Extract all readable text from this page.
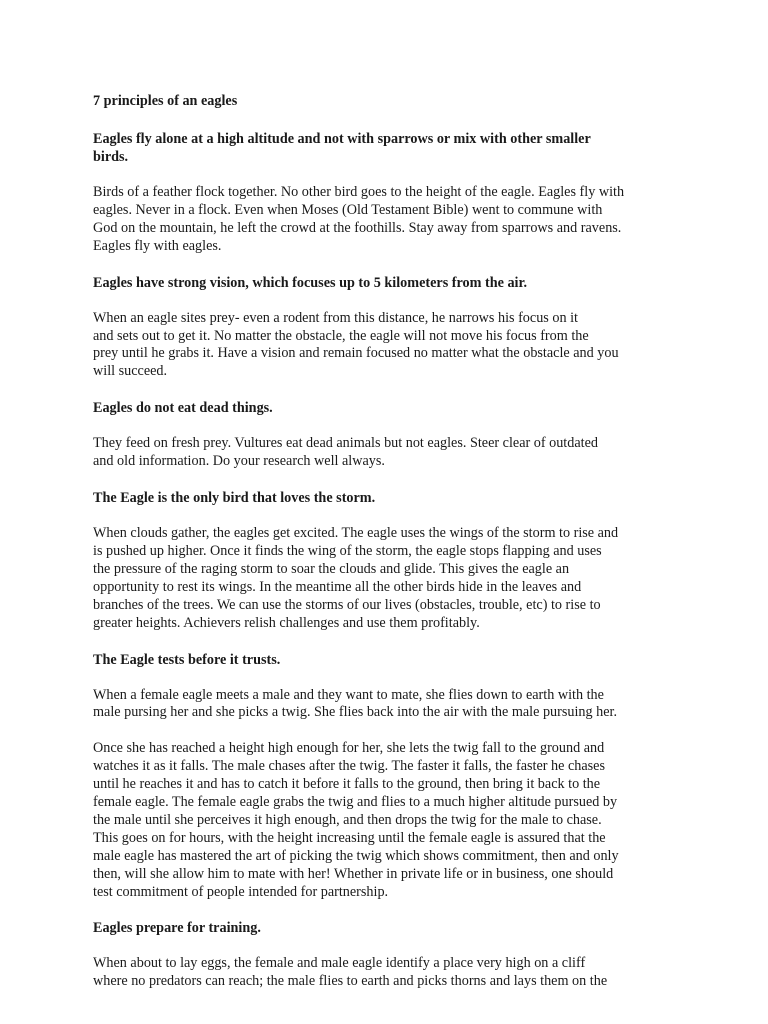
7 principles of an eagles

Eagles fly alone at a high altitude and not with sparrows or mix with other smaller
birds.

Birds of a feather flock together. No other bird goes to the height of the eagle. Eagles fly with
eagles. Never in a flock. Even when Moses (Old Testament Bible) went to commune with
God on the mountain, he left the crowd at the foothills. Stay away from sparrows and ravens.
Eagles fly with eagles.

Eagles have strong vision, which focuses up to 5 kilometers from the air.

When an eagle sites prey- even a rodent from this distance, he narrows his focus on it
and sets out to get it. No matter the obstacle, the eagle will not move his focus from the
prey until he grabs it. Have a vision and remain focused no matter what the obstacle and you
will succeed.

Eagles do not eat dead things.

They feed on fresh prey. Vultures eat dead animals but not eagles. Steer clear of outdated
and old information. Do your research well always.

The Eagle is the only bird that loves the storm.

When clouds gather, the eagles get excited. The eagle uses the wings of the storm to rise and
is pushed up higher. Once it finds the wing of the storm, the eagle stops flapping and uses
the pressure of the raging storm to soar the clouds and glide. This gives the eagle an
opportunity to rest its wings. In the meantime all the other birds hide in the leaves and
branches of the trees. We can use the storms of our lives (obstacles, trouble, etc) to rise to
greater heights. Achievers relish challenges and use them profitably.

The Eagle tests before it trusts.

When a female eagle meets a male and they want to mate, she flies down to earth with the
male pursing her and she picks a twig. She flies back into the air with the male pursuing her.

Once she has reached a height high enough for her, she lets the twig fall to the ground and
watches it as it falls. The male chases after the twig. The faster it falls, the faster he chases
until he reaches it and has to catch it before it falls to the ground, then bring it back to the
female eagle. The female eagle grabs the twig and flies to a much higher altitude pursued by
the male until she perceives it high enough, and then drops the twig for the male to chase.
This goes on for hours, with the height increasing until the female eagle is assured that the
male eagle has mastered the art of picking the twig which shows commitment, then and only
then, will she allow him to mate with her! Whether in private life or in business, one should
test commitment of people intended for partnership.

Eagles prepare for training.

When about to lay eggs, the female and male eagle identify a place very high on a cliff
where no predators can reach; the male flies to earth and picks thorns and lays them on the
